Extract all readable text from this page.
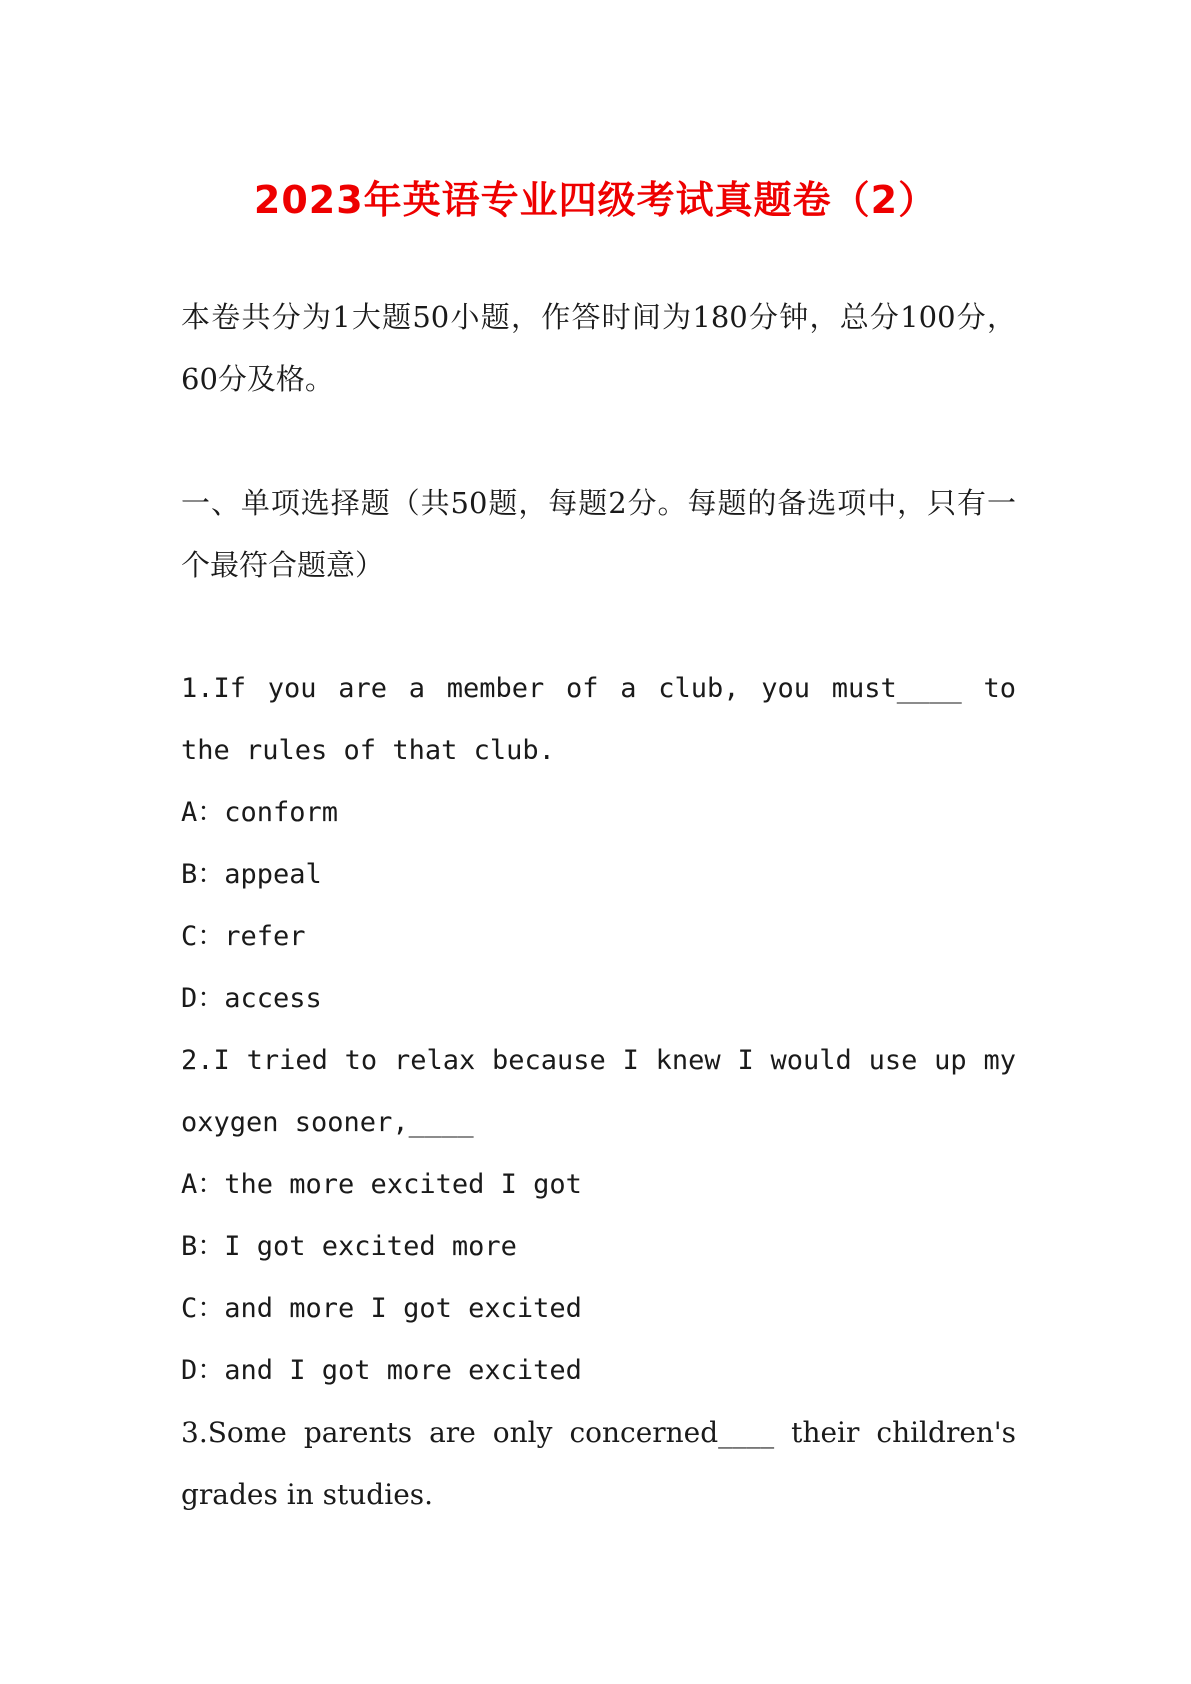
2023年英语专业四级考试真题卷（2）
本卷共分为1大题50小题，作答时间为180分钟，总分100分，60分及格。
一、单项选择题（共50题，每题2分。每题的备选项中，只有一个最符合题意）

1.If you are a member of a club, you must____ to the rules of that club.

A：conform

B：appeal

C：refer

D：access

2.I tried to relax because I knew I would use up my oxygen sooner,____

A：the more excited I got

B：I got excited more

C：and more I got excited

D：and I got more excited

3.Some parents are only concerned____ their children's grades in studies.
